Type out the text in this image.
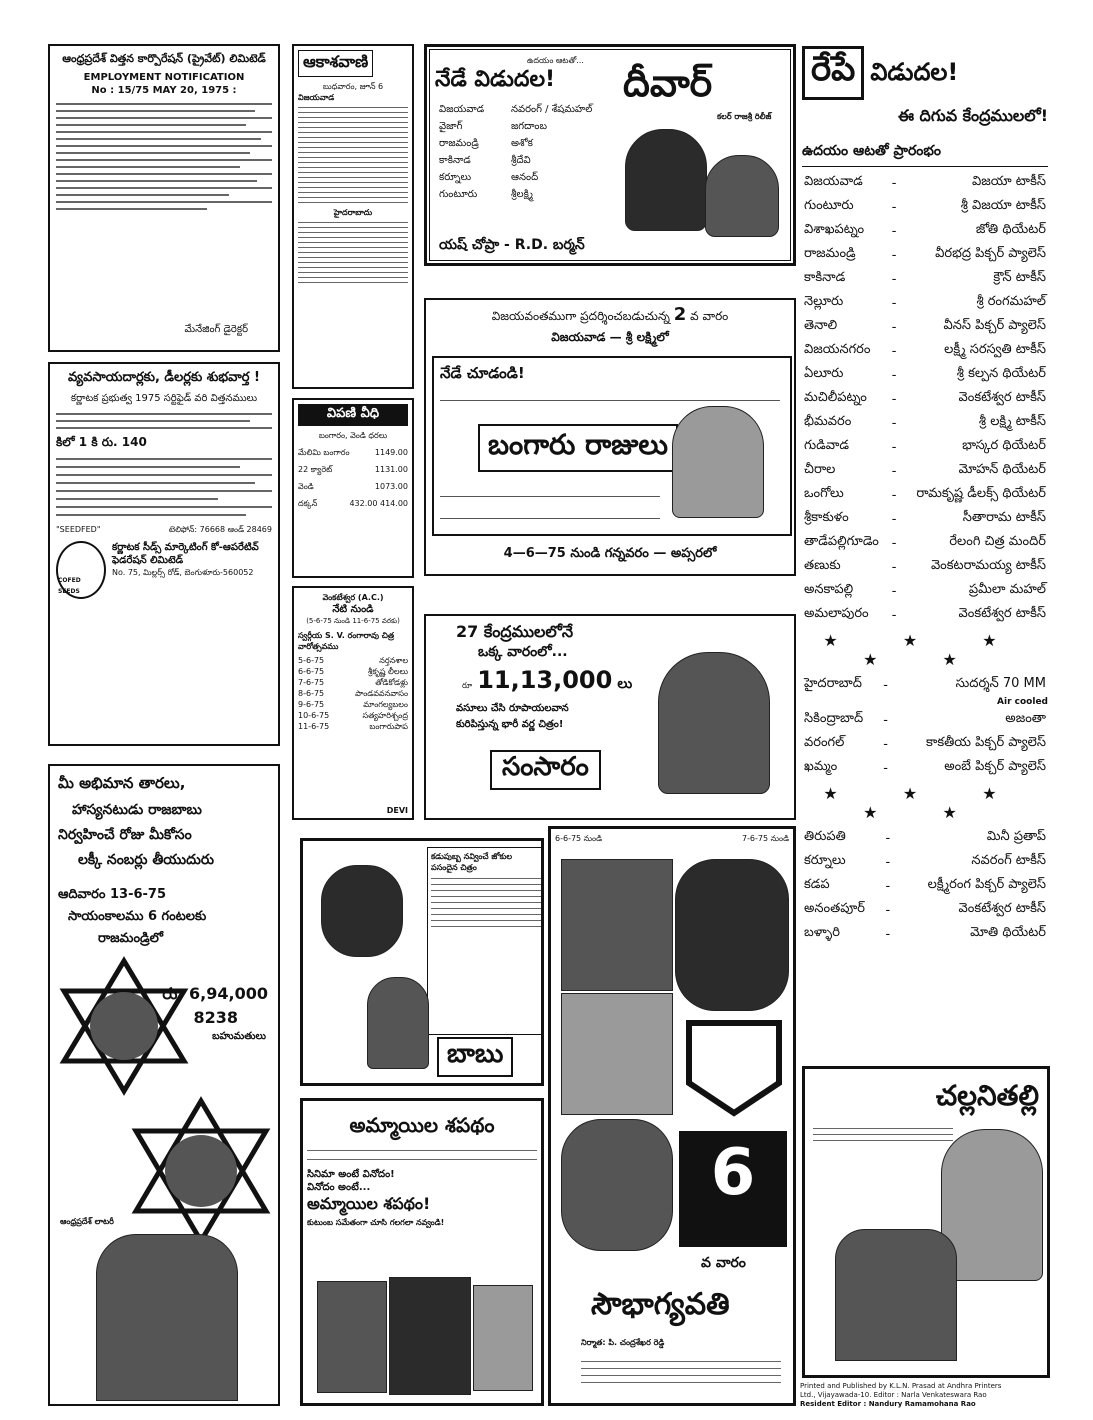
ఆంధ్రప్రదేశ్ విత్తన కార్పొరేషన్ (ప్రైవేట్) లిమిటెడ్
EMPLOYMENT NOTIFICATION
No : 15/75 MAY 20, 1975 :
మేనేజింగ్ డైరెక్టర్
వ్యవసాయదార్లకు, డీలర్లకు శుభవార్త !
కర్ణాటక ప్రభుత్వ 1975 సర్టిఫైడ్ వరి విత్తనములు
కిలో 1 కి రు. 140
"SEEDFED"	టెలిఫోన్: 76668 ఆండ్ 28469
COFED SEEDS
కర్ణాటక సీడ్స్ మార్కెటింగ్ కో-ఆపరేటివ్ ఫెడరేషన్ లిమిటెడ్
No. 75, మిల్లర్స్ రోడ్, బెంగుళూరు-560052
మీ అభిమాన తారలు,
హాస్యనటుడు రాజబాబు
నిర్వహించే రోజు మీకోసం
లక్కీ నంబర్లు తీయుదురు
ఆదివారం 13-6-75
సాయంకాలము 6 గంటలకు
రాజమండ్రిలో
రు. 6,94,000
8238
బహుమతులు
ఆంధ్రప్రదేశ్ లాటరీ
ఆకాశవాణి
బుధవారం, జూన్ 6
విజయవాడ
హైదరాబాదు
విపణి వీధి
బంగారం, వెండి ధరలు
మేలిమి బంగారం	1149.00
22 క్యారెట్	1131.00
వెండి	1073.00
దక్కన్	432.00 414.00
వెంకటేశ్వర (A.C.)
నేటి నుండి
(5-6-75 నుండి 11-6-75 వరకు)
స్వర్గీయ S. V. రంగారావు చిత్ర వారోత్సవము
5-6-75	నర్తనశాల
6-6-75	శ్రీకృష్ణ లీలలు
7-6-75	తోడికోడళ్లు
8-6-75	పాండవవనవాసం
9-6-75	మాంగల్యబలం
10-6-75	సత్యహరిశ్చంద్ర
11-6-75	బంగారుపాప
DEVI
ఉదయం ఆటతో...
నేడే విడుదల!
విజయవాడ	నవరంగ్ / శేషమహల్
వైజాగ్	జగదాంబ
రాజమండ్రి	అశోక
కాకినాడ	శ్రీదేవి
కర్నూలు	ఆనంద్
గుంటూరు	శ్రీలక్ష్మి
దీవార్
కలర్ రాజశ్రీ రిలీజ్
యష్ చోప్రా - R.D. బర్మన్
విజయవంతముగా ప్రదర్శించబడుచున్న 2 వ వారం
విజయవాడ — శ్రీ లక్ష్మిలో
నేడే చూడండి!
బంగారు రాజులు
4—6—75 నుండి గన్నవరం — అప్సరలో
27 కేంద్రములలోనే
ఒక్క వారంలో...
రూ 11,13,000 లు
వసూలు చేసి రూపాయలవాన
కురిపిస్తున్న భారీ వర్ణ చిత్రం!
సంసారం
కడుపుబ్బ నవ్వించే జోకుల పసందైన చిత్రం
బాబు
అమ్మాయిల శపథం
సినిమా అంటే వినోదం!
వినోదం అంటే...
అమ్మాయిల శపథం!
కుటుంబ సమేతంగా చూసి గలగలా నవ్వండి!
6-6-75 నుండి	7-6-75 నుండి
6
వ వారం
సౌభాగ్యవతి
నిర్మాత: పి. చంద్రశేఖర రెడ్డి
రేపే విడుదల!
ఈ దిగువ కేంద్రములలో!
ఉదయం ఆటతో ప్రారంభం
విజయవాడ	-	విజయా టాకీస్
గుంటూరు	-	శ్రీ విజయా టాకీస్
విశాఖపట్నం	-	జోతి థియేటర్
రాజమండ్రి	-	వీరభద్ర పిక్చర్ ప్యాలెస్
కాకినాడ	-	క్రౌన్ టాకీస్
నెల్లూరు	-	శ్రీ రంగమహల్
తెనాలి	-	వీనస్ పిక్చర్ ప్యాలెస్
విజయనగరం	-	లక్ష్మీ సరస్వతి టాకీస్
ఏలూరు	-	శ్రీ కల్పన థియేటర్
మచిలీపట్నం	-	వెంకటేశ్వర టాకీస్
భీమవరం	-	శ్రీ లక్ష్మి టాకీస్
గుడివాడ	-	భాస్కర థియేటర్
చీరాల	-	మోహన్ థియేటర్
ఒంగోలు	-	రామకృష్ణ డీలక్స్ థియేటర్
శ్రీకాకుళం	-	సీతారామ టాకీస్
తాడేపల్లిగూడెం	-	రేలంగి చిత్ర మందిర్
తణుకు	-	వెంకటరామయ్య టాకీస్
అనకాపల్లి	-	ప్రమీలా మహల్
అమలాపురం	-	వెంకటేశ్వర టాకీస్
★ ★ ★ ★ ★
హైదరాబాద్	-	సుదర్శన్ 70 MM
Air cooled		
సికింద్రాబాద్	-	అజంతా
వరంగల్	-	కాకతీయ పిక్చర్ ప్యాలెస్
ఖమ్మం	-	అంబే పిక్చర్ ప్యాలెస్
★ ★ ★ ★ ★
తిరుపతి	-	మినీ ప్రతాప్
కర్నూలు	-	నవరంగ్ టాకీస్
కడప	-	లక్ష్మీరంగ పిక్చర్ ప్యాలెస్
అనంతపూర్	-	వెంకటేశ్వర టాకీస్
బళ్ళారి	-	మోతి థియేటర్
చల్లనితల్లి
Printed and Published by K.L.N. Prasad at Andhra Printers
Ltd., Vijayawada-10. Editor : Narla Venkateswara Rao
Resident Editor : Nandury Ramamohana Rao
